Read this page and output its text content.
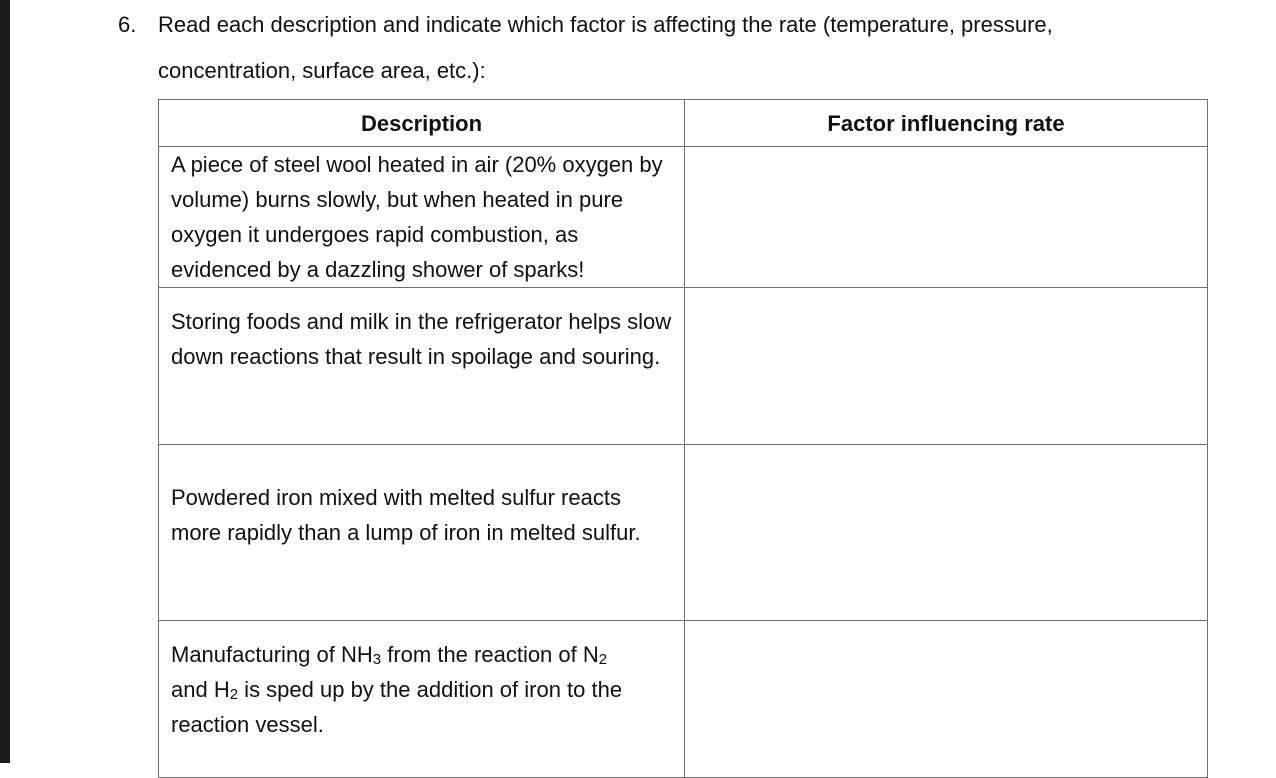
6. Read each description and indicate which factor is affecting the rate (temperature, pressure,
concentration, surface area, etc.):
Description	Factor influencing rate
A piece of steel wool heated in air (20% oxygen by volume) burns slowly, but when heated in pure oxygen it undergoes rapid combustion, as evidenced by a dazzling shower of sparks!	
Storing foods and milk in the refrigerator helps slow down reactions that result in spoilage and souring.	
Powdered iron mixed with melted sulfur reacts more rapidly than a lump of iron in melted sulfur.	
Manufacturing of $NH_3$ from the reaction of $N_2$
and $H_2$ is sped up by the addition of iron to the reaction vessel.	
